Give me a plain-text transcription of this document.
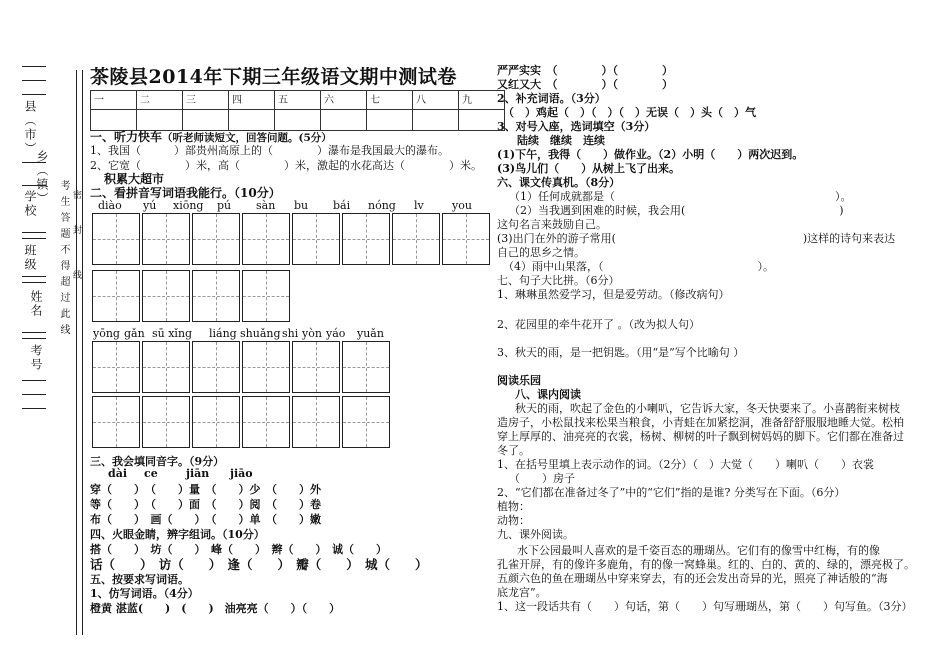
县（市）
乡（镇）
学校
班级
姓名
考号
考生答题不得超过此线 密
封
线
茶陵县2014年下期三年级语文期中测试卷
一	二	三	四	五	六	七	八	九

一、听力快车（听老师读短文，回答问题。(5分）
1、我国（　　　）部贵州高原上的（　　　　）瀑布是我国最大的瀑布。
2、它宽（　　　　）米，高（　　　　）米，激起的水花高达（　　　　）米。
积累大超市
二、看拼音写词语我能行。（10分）
diào yú xiōng pú sàn bu bái nóng lv	you
yōng gǎn sū xǐng liáng shuǎng shi yòn yáo yuǎn
三、我会填同音字。（9分）
dài ce	jiān jiāo
穿（　　）　（　　）量　（　　）少　（　　）外
等（　　）　（　　）面　（　　）阅　（　　）卷
布（　　）　画（　　）　（　　）单　（　　）嫩
四、火眼金睛，辨字组词。（10分）
搭（　　）　坊（　　）　峰（　　）　辫（　　）　诚（　　）
话（　　）　访（　　）　逢（　　）　瓣（　　）　城（　　）
五、按要求写词语。
1、仿写词语。（4分）
橙黄 湛蓝(　　)　(　　)　油亮亮（　　）（　　）
严严实实　（　　　　）（　　　　）
又红又大　（　　　　）（　　　　）
2、补充词语。（3分）
（　）鸡起（　）（　）（　）无误（　）头（　）气
3、对号入座，选词填空（3分）
陆续　继续　连续
(1)下午，我得（　　）做作业。（2）小明（　　）两次迟到。
(3)鸟儿们（　　）从树上飞了出来。
六、课文传真机。（8分）
（1）任何成就都是（　　　　　　　　　　　　　　　　　　　　）。
（2）当我遇到困难的时候，我会用(　　　　　　　　　　　　　　)
这句名言来鼓励自己。
(3)出门在外的游子常用(　　　　　　　　　　　　　　　　　)这样的诗句来表达
自己的思乡之情。
（4）雨中山果落，（　　　　　　　　　　　　　　）。
七、句子大比拼。（6分）
1、琳琳虽然爱学习，但是爱劳动。（修改病句）
2、花园里的牵牛花开了 。（改为拟人句）
3、秋天的雨，是一把钥匙。（用“是”写个比喻句 ）
阅读乐园
八、课内阅读
秋天的雨，吹起了金色的小喇叭，它告诉大家，冬天快要来了。小喜鹊衔来树枝
造房子，小松鼠找来松果当粮食，小青蛙在加紧挖洞，准备舒舒服服地睡大觉。松柏
穿上厚厚的、油亮亮的衣裳，杨树、柳树的叶子飘到树妈妈的脚下。它们都在准备过
冬了。
1、在括号里填上表示动作的词。（2分）（　）大觉（　　）喇叭（　　）衣裳
（　　）房子
2、“它们都在准备过冬了”中的“它们”指的是谁? 分类写在下面。（6分）
植物：
动物：
九、课外阅读。
水下公园最叫人喜欢的是千姿百态的珊瑚丛。它们有的像雪中红梅，有的像
孔雀开屏，有的像许多鹿角，有的像一窝蜂巢。红的、白的、黄的、绿的，漂亮极了。
五颜六色的鱼在珊瑚丛中穿来穿去，有的还会发出奇异的光，照亮了神话般的“海
底龙宫”。
1、这一段话共有（　　）句话，第（　　）句写珊瑚丛，第（　　）句写鱼。（3分）
